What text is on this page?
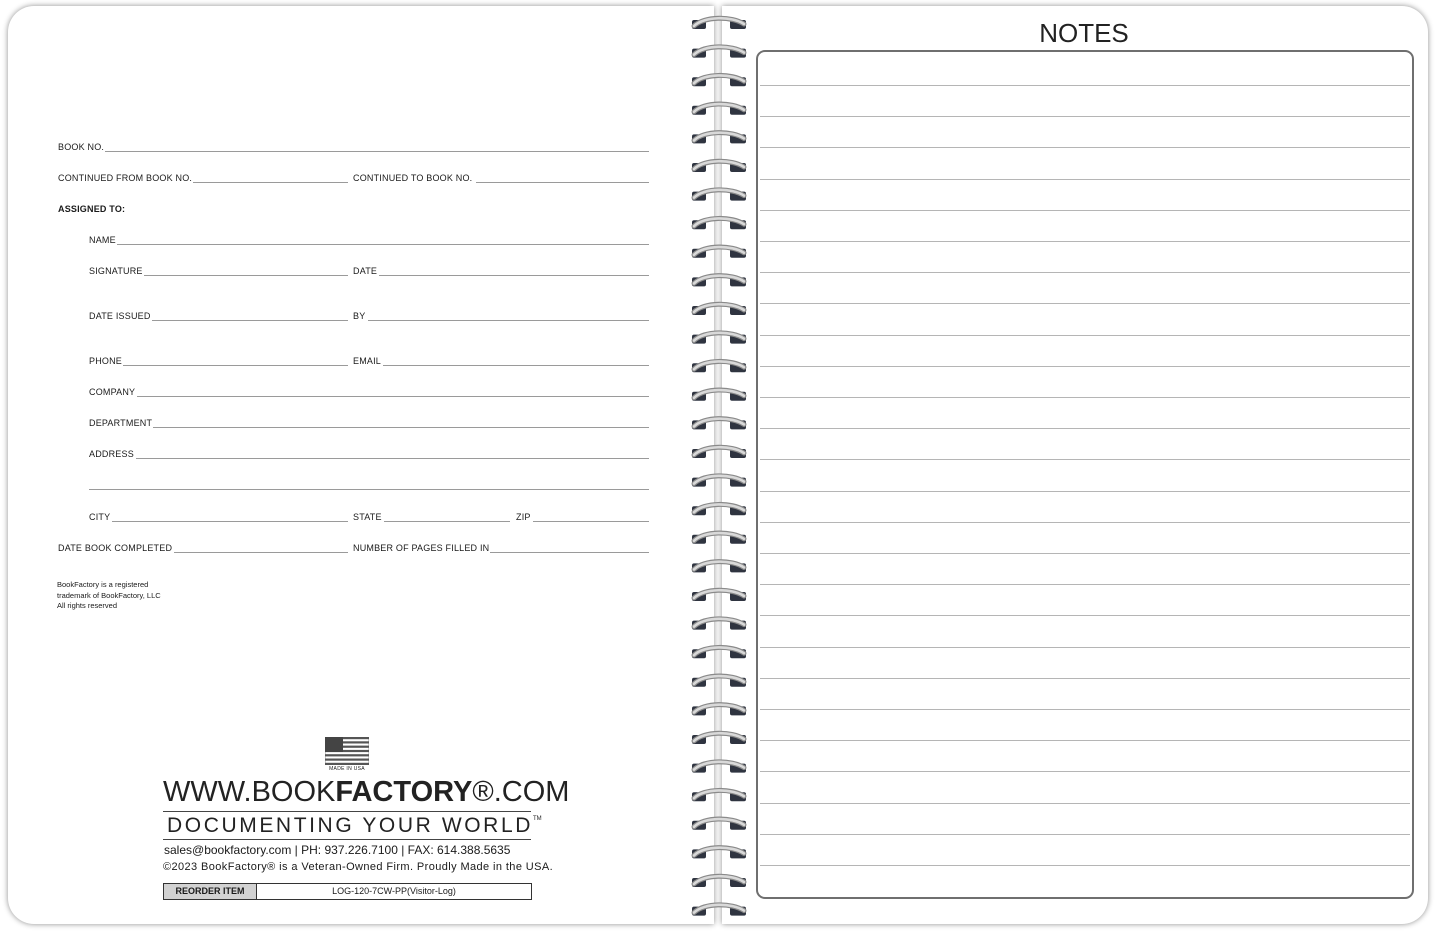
BOOK NO.
CONTINUED FROM BOOK NO.	CONTINUED TO BOOK NO.
ASSIGNED TO:
NAME
SIGNATURE	DATE
DATE ISSUED	BY
PHONE	EMAIL
COMPANY
DEPARTMENT
ADDRESS
CITY	STATE	ZIP
DATE BOOK COMPLETED	NUMBER OF PAGES FILLED IN
BookFactory is a registered
trademark of BookFactory, LLC
All rights reserved
MADE IN USA
WWW.BOOKFACTORY®.COM
DOCUMENTING YOUR WORLD™
sales@bookfactory.com | PH: 937.226.7100 | FAX: 614.388.5635
©2023 BookFactory® is a Veteran-Owned Firm. Proudly Made in the USA.
REORDER ITEM	LOG-120-7CW-PP(Visitor-Log)
NOTES
